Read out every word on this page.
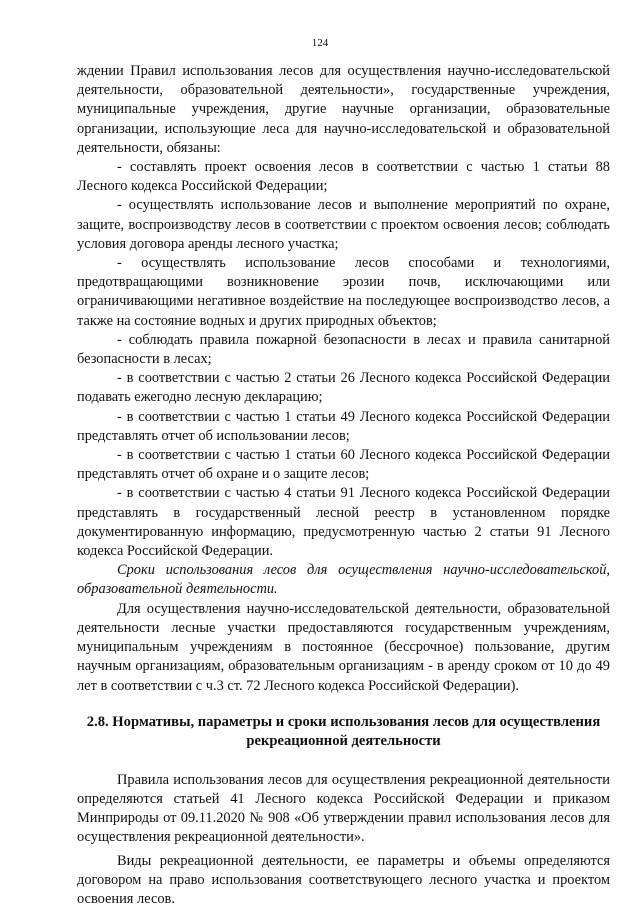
124

ждении Правил использования лесов для осуществления научно-исследовательской деятельности, образовательной деятельности», государственные учреждения, муниципальные учреждения, другие научные организации, образовательные организации, использующие леса для научно-исследовательской и образовательной деятельности, обязаны:

- составлять проект освоения лесов в соответствии с частью 1 статьи 88 Лесного кодекса Российской Федерации;

- осуществлять использование лесов и выполнение мероприятий по охране, защите, воспроизводству лесов в соответствии с проектом освоения лесов; соблюдать условия договора аренды лесного участка;

- осуществлять использование лесов способами и технологиями, предотвращающими возникновение эрозии почв, исключающими или ограничивающими негативное воздействие на последующее воспроизводство лесов, а также на состояние водных и других природных объектов;

- соблюдать правила пожарной безопасности в лесах и правила санитарной безопасности в лесах;

- в соответствии с частью 2 статьи 26 Лесного кодекса Российской Федерации подавать ежегодно лесную декларацию;

- в соответствии с частью 1 статьи 49 Лесного кодекса Российской Федерации представлять отчет об использовании лесов;

- в соответствии с частью 1 статьи 60 Лесного кодекса Российской Федерации представлять отчет об охране и о защите лесов;

- в соответствии с частью 4 статьи 91 Лесного кодекса Российской Федерации представлять в государственный лесной реестр в установленном порядке документированную информацию, предусмотренную частью 2 статьи 91 Лесного кодекса Российской Федерации.

Сроки использования лесов для осуществления научно-исследовательской, образовательной деятельности.

Для осуществления научно-исследовательской деятельности, образовательной деятельности лесные участки предоставляются государственным учреждениям, муниципальным учреждениям в постоянное (бессрочное) пользование, другим научным организациям, образовательным организациям - в аренду сроком от 10 до 49 лет в соответствии с ч.3 ст. 72 Лесного кодекса Российской Федерации).

2.8. Нормативы, параметры и сроки использования лесов для осуществления рекреационной деятельности

Правила использования лесов для осуществления рекреационной деятельности определяются статьей 41 Лесного кодекса Российской Федерации и приказом Минприроды от 09.11.2020 № 908 «Об утверждении правил использования лесов для осуществления рекреационной деятельности».

Виды рекреационной деятельности, ее параметры и объемы определяются договором на право использования соответствующего лесного участка и проектом освоения лесов.
